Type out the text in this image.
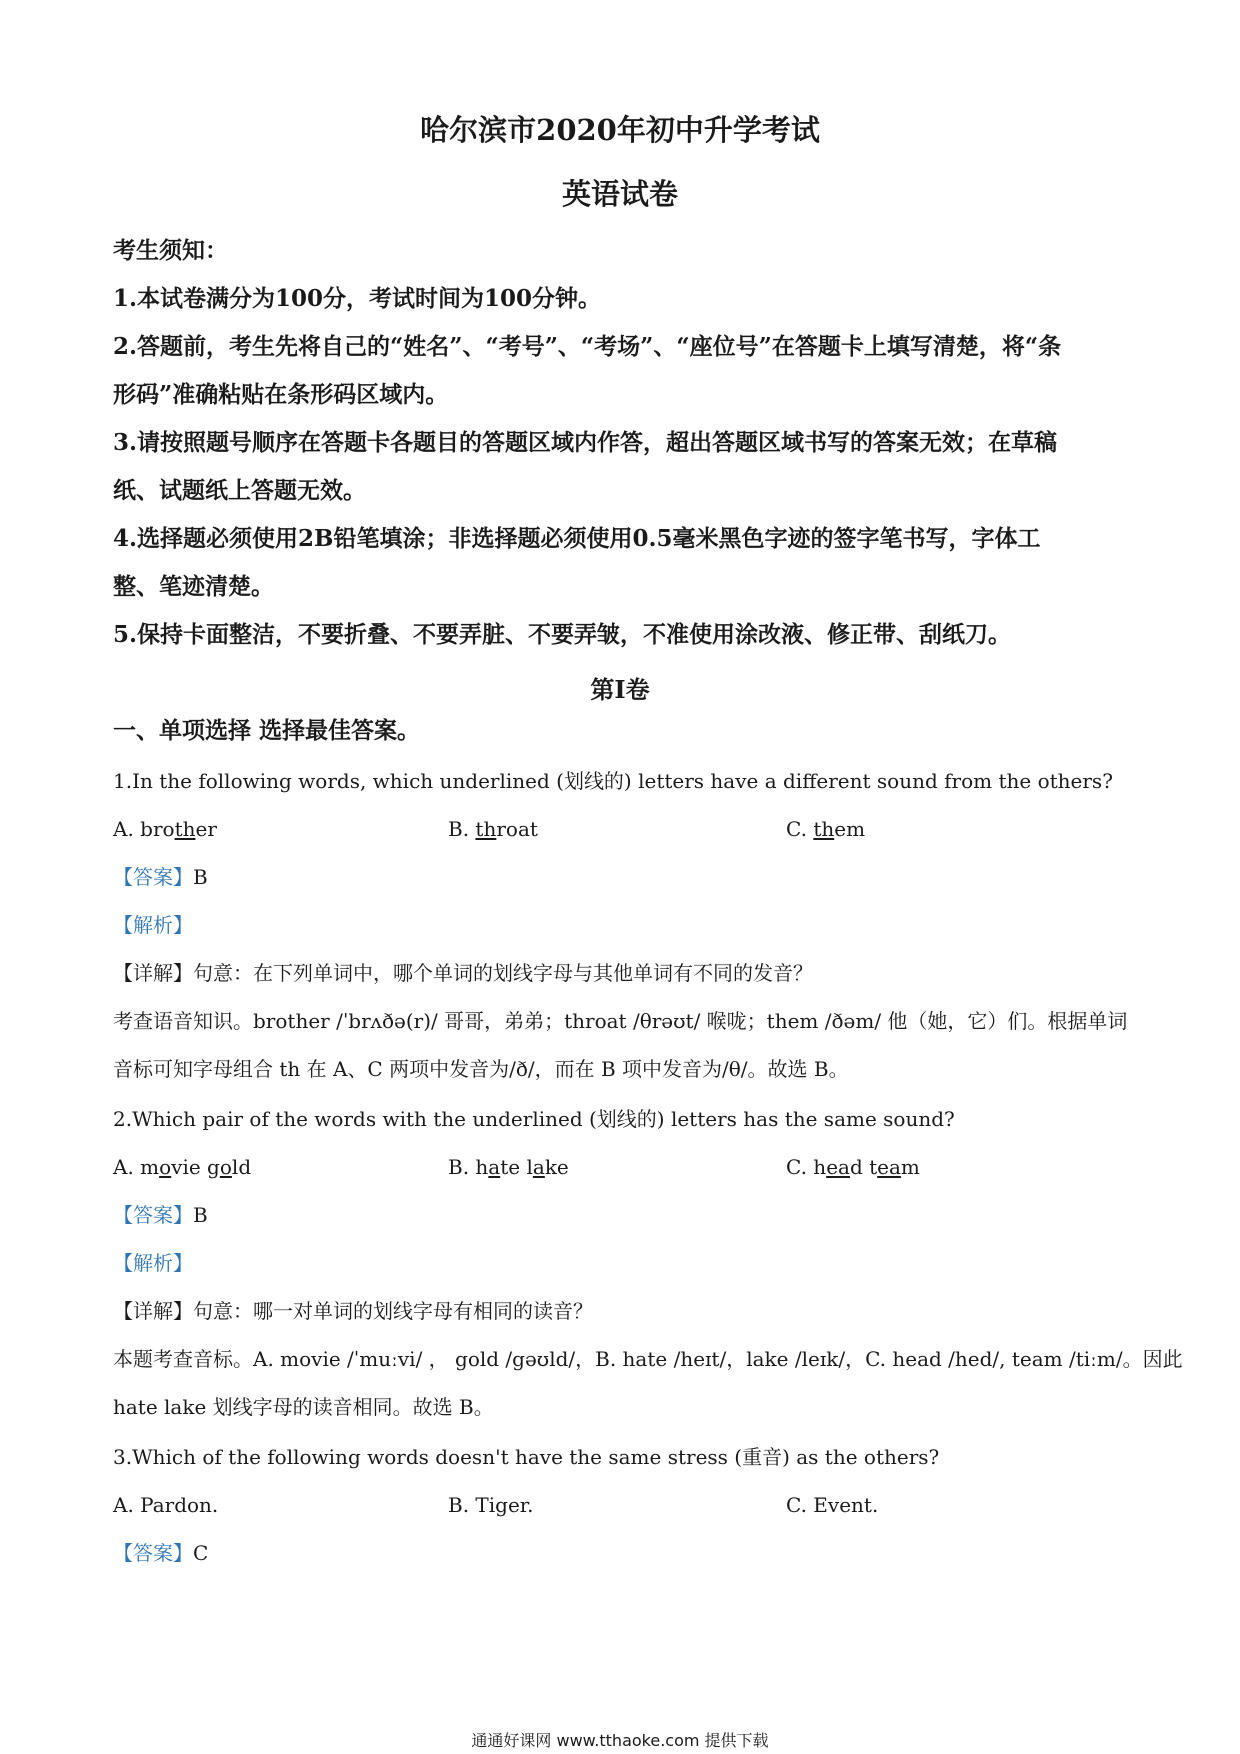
哈尔滨市2020年初中升学考试
英语试卷
考生须知：
1.本试卷满分为100分，考试时间为100分钟。
2.答题前，考生先将自己的“姓名”、“考号”、“考场”、“座位号”在答题卡上填写清楚，将“条
形码”准确粘贴在条形码区域内。
3.请按照题号顺序在答题卡各题目的答题区域内作答，超出答题区域书写的答案无效；在草稿
纸、试题纸上答题无效。
4.选择题必须使用2B铅笔填涂；非选择题必须使用0.5毫米黑色字迹的签字笔书写，字体工
整、笔迹清楚。
5.保持卡面整洁，不要折叠、不要弄脏、不要弄皱，不准使用涂改液、修正带、刮纸刀。
第Ⅰ卷
一、单项选择 选择最佳答案。
1.In the following words, which underlined (划线的) letters have a different sound from the others?
A. brother	B. throat	C. them
【答案】B
【解析】
【详解】句意：在下列单词中，哪个单词的划线字母与其他单词有不同的发音？
考查语音知识。brother /ˈbrʌðə(r)/ 哥哥，弟弟；throat /θrəʊt/ 喉咙；them /ðəm/ 他（她，它）们。根据单词
音标可知字母组合 th 在 A、C 两项中发音为/ð/，而在 B 项中发音为/θ/。故选 B。
2.Which pair of the words with the underlined (划线的) letters has the same sound?
A. movie gold	B. hate lake	C. head team
【答案】B
【解析】
【详解】句意：哪一对单词的划线字母有相同的读音？
本题考查音标。A. movie /ˈmuːvi/ ， gold /gəʊld/，B. hate /heɪt/，lake /leɪk/，C. head /hed/, team /tiːm/。因此
hate lake 划线字母的读音相同。故选 B。
3.Which of the following words doesn't have the same stress (重音) as the others?
A. Pardon.	B. Tiger.	C. Event.
【答案】C
通通好课网 www.tthaoke.com 提供下载
